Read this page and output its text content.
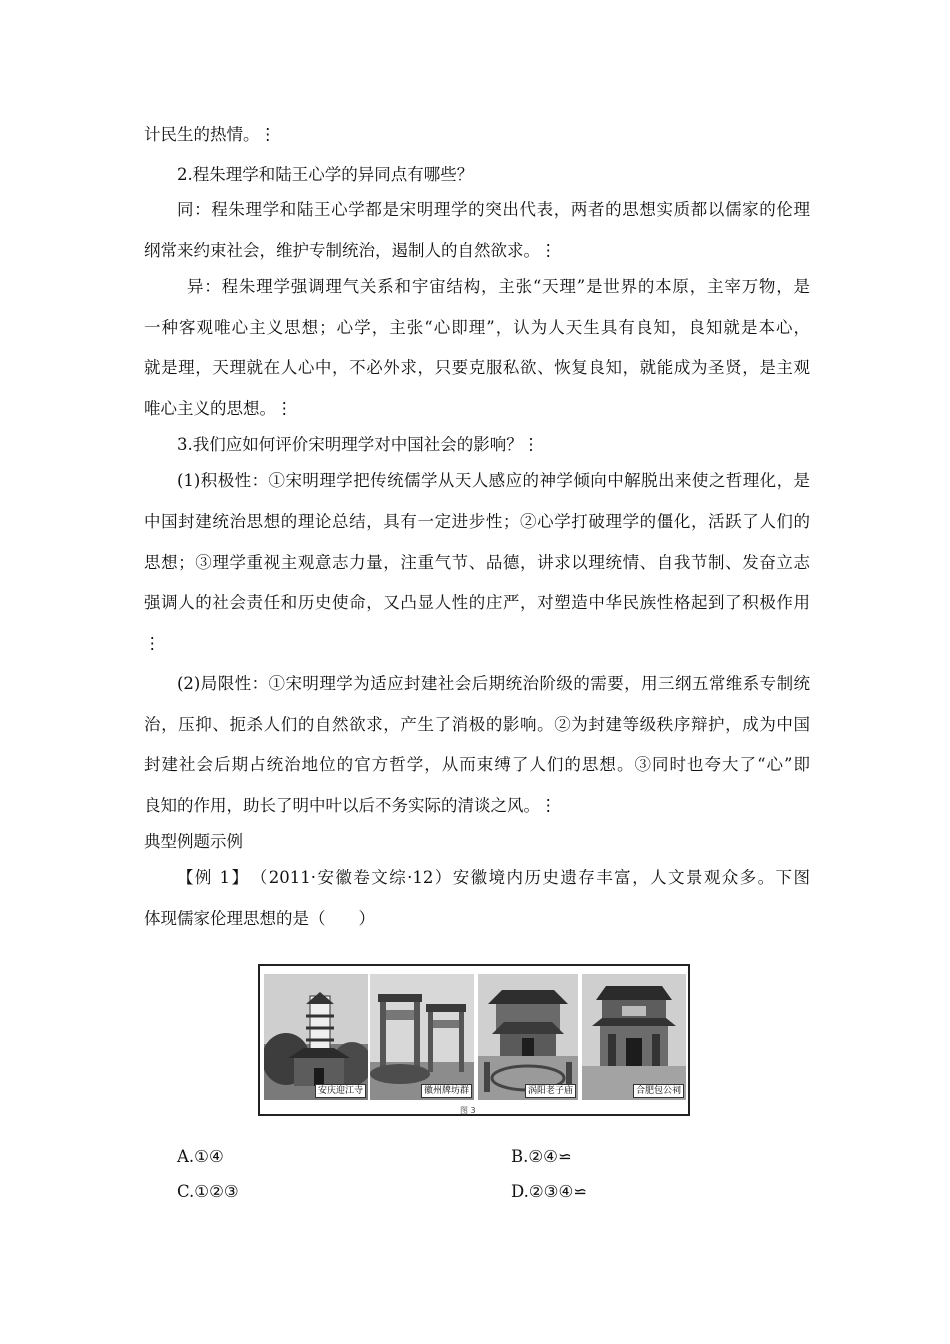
计民生的热情。⋮
2.程朱理学和陆王心学的异同点有哪些？
同：程朱理学和陆王心学都是宋明理学的突出代表，两者的思想实质都以儒家的伦理
纲常来约束社会，维护专制统治，遏制人的自然欲求。⋮
异：程朱理学强调理气关系和宇宙结构，主张“天理”是世界的本原，主宰万物，是
一种客观唯心主义思想；心学，主张“心即理”，认为人天生具有良知，良知就是本心，
就是理，天理就在人心中，不必外求，只要克服私欲、恢复良知，就能成为圣贤，是主观
唯心主义的思想。⋮
3.我们应如何评价宋明理学对中国社会的影响？⋮
(1)积极性：①宋明理学把传统儒学从天人感应的神学倾向中解脱出来使之哲理化，是
中国封建统治思想的理论总结，具有一定进步性；②心学打破理学的僵化，活跃了人们的
思想；③理学重视主观意志力量，注重气节、品德，讲求以理统情、自我节制、发奋立志
强调人的社会责任和历史使命，又凸显人性的庄严，对塑造中华民族性格起到了积极作用
⋮
(2)局限性：①宋明理学为适应封建社会后期统治阶级的需要，用三纲五常维系专制统
治，压抑、扼杀人们的自然欲求，产生了消极的影响。②为封建等级秩序辩护，成为中国
封建社会后期占统治地位的官方哲学，从而束缚了人们的思想。③同时也夸大了“心”即
良知的作用，助长了明中叶以后不务实际的清谈之风。⋮
典型例题示例
【例 1】　（2011·安徽卷文综·12）安徽境内历史遗存丰富，人文景观众多。下图
体现儒家伦理思想的是（　　）
安庆迎江寺	徽州牌坊群	涡阳老子庙	合肥包公祠
图 3
A.①④	B.②④⋍
C.①②③	D.②③④⋍
